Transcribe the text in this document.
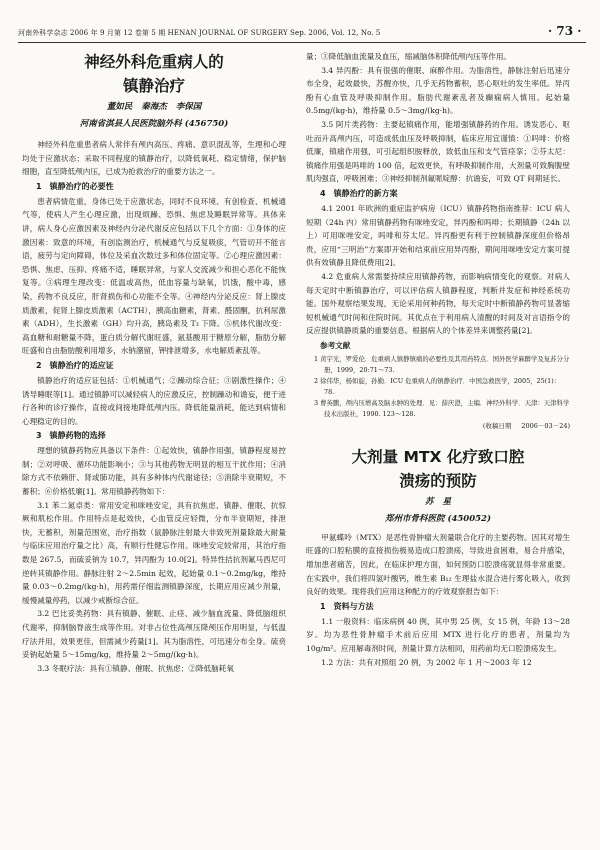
河南外科学杂志 2006 年 9 月第 12 卷第 5 期 HENAN JOURNAL OF SURGERY Sep. 2006, Vol. 12, No. 5	· 73 ·
神经外科危重病人的
镇静治疗
董如民 秦海杰 李保国
河南省淇县人民医院脑外科 (456750)

神经外科危重患者病人常伴有颅内高压、疼痛、意识混乱等，生理和心理均处于应激状态；采取不同程度的镇静治疗，以降低氧耗、稳定情绪，保护脑细胞，直至降低颅内压，已成为抢救治疗的重要方法之一。

1 镇静治疗的必要性

患者病情危重，身体已处于应激状态，同时不良环境、有创检查、机械通气等，使病人产生心理应激，出现烦躁、恐惧、焦虑及睡眠异常等。具体来讲，病人身心应激因素及神经内分泌代谢反应包括以下几个方面：①身体的应激因素：致意的环境，有创监测治疗，机械通气与反复吸痰，气管切开不能言语，疲劳与定向障碍，体位及采血次数过多和体位固定等。②心理应激因素：恐惧、焦虑、压抑、疼痛不适，睡眠异常，与家人交流减少和担心恶化不能恢复等。③病理生理改变：低温或高热，低血容量与缺氧，饥饿，酸中毒，感染，药物不良反应，肝肾损伤和心功能不全等。④神经内分泌反应：肾上腺皮质激素，促肾上腺皮质激素（ACTH），胰高血糖素，肾素、醛固酮，抗利尿激素（ADH），生长激素（GH）均升高，胰岛素及 T₃ 下降。⑤机体代谢改变：高血糖和耐糖量不降，蛋白质分解代谢旺盛，氨基酸用于糖原分解，脂肪分解旺盛和自由脂肪酸利用增多，水钠潴留，钾排泄增多，水电解质紊乱等。

2 镇静治疗的适应证

镇静治疗的适应证包括：①机械通气；②躁动综合征；③剧激性操作；④诱导睡眠等[1]。通过镇静可以减轻病人的应激反应，控制躁动和谵妄，便于进行各种的诊疗操作，直接或间接地降低颅内压、降低能量消耗，能达到病情和心理稳定的目的。

3 镇静药物的选择

理想的镇静药物应具备以下条件：①起效快，镇静作用强，镇静程度易控制；②对呼吸、循环功能影响小；③与其他药物无明显的相互干扰作用；④消除方式不依赖肝、肾或肺功能，具有多种体内代谢途径；⑤消除半衰期短，不蓄积；⑥价格低廉[1]。常用镇静药物如下：

3.1 苯二氮卓类：常用安定和咪唑安定，具有抗焦虑、镇静、催眠、抗惊厥和肌松作用。作用特点是起效快，心血管反应轻微，分布半衰期短，排泄快，无蓄积，剂量范围宽，治疗指数（鼠静脉注射最大非致死剂量除最大耐量与临床应用治疗量之比）高，有顺行性健忘作用。咪唑安定较常用，其治疗指数是 267.5，而硫妥钠为 10.7，异丙酚为 10.0[2]。特异性拮抗剂氟马西尼可逆转其镇静作用。静脉注射 2～2.5min 起效，起始量 0.1～0.2mg/kg，维持量 0.03～0.2mg/(kg·h)，用药需仔细监测镇静深度，长期应用应减少剂量，缓慢减量停药，以减少戒断综合征。

3.2 巴比妥类药物：具有镇静、催眠、止痉、减少脑血流量、降低脑组织代谢率，抑制脑脊液生成等作用。对非占位性高颅压降颅压作用明显，与低温疗法并用，效果更佳，但需减少药量[1]。其为脂溶性，可迅速分布全身。硫贲妥钠起始量 5～15mg/kg，维持量 2～5mg/(kg·h)。

3.3 冬眠疗法：具有①镇静、催眠、抗焦虑；②降低脑耗氧

量；③降低脑血流量及血压，缩减脑体积降低颅内压等作用。

3.4 异丙酚：具有很强的催眠、麻醉作用。为脂溶性，静脉注射后迅速分布全身，起效最快，苏醒亦快，几乎无药物蓄积，恶心呕吐的发生率低。异丙酚有心血管及呼吸抑制作用。脂肪代谢紊乱者及癫痫病人慎用。起始量 0.5mg/(kg·h)，维持量 0.5～3mg/(kg·h)。

3.5 阿片类药物：主要起镇痛作用，能增强镇静药的作用。诱发恶心、呕吐而升高颅内压，可造成低血压及呼吸抑制，临床应用宜谨慎：①吗啡：价格低廉，镇痛作用强，可引起组织胺释放，致低血压和支气管痉挛；②芬太尼：镇痛作用强是吗啡的 100 倍，起效更快，有呼吸抑制作用，大剂量可致胸腹壁肌肉强直，呼吸困难；③神经抑制剂氟哌啶醇：抗谵妄，可致 QT 间期延长。

4 镇静治疗的新方案

4.1 2001 年欧洲的重症监护病房（ICU）镇静药物指南推荐：ICU 病人短期（24h 内）常用镇静药物有咪唑安定，异丙酚和吗啡；长期镇静（24h 以上）可用咪唑安定，吗啡和芬太尼。异丙酚更有利于控制镇静深度但价格昂贵，应用“三明治”方案即开始和结束前应用异丙酚，期间用咪唑安定方案可提供有效镇静且降低费用[2]。

4.2 危重病人常需要持续应用镇静药物，而影响病情变化的观察。对病人每天定时中断镇静治疗，可以评估病人镇静程度，判断并发症和神经系统功能。国外观察结果发现，无论采用何种药物，每天定时中断镇静药物可显著缩短机械通气时间和住院时间。其优点在于利用病人清醒的时间及对言语指令的反应提供镇静质量的重要信息。根据病人的个体差异来调整药量[2]。

参考文献
1 黄宇光，罗爱伦．危重病人镇静镇痛的必要性及其用药特点．国外医学麻醉学及复苏分分册，1999，20:71～73.
2 徐伟华，杨如旋，孙勤．ICU 危重病人的镇静治疗．中国急救医学，2005，25(1)：78.
3 曹英鹏，颅内压增高及脑水肿的处理．见：薛庆澄，主编．神经外科学．天津：天津科学技术出版社，1990. 123～128.
(收稿日期 2006－03－24)
大剂量 MTX 化疗致口腔
溃疡的预防
苏 星
郑州市骨科医院 (450052)

甲氨蝶呤（MTX）是恶性骨肿瘤大剂量联合化疗的主要药物。因其对增生旺盛的口腔粘膜的直接损伤极易造成口腔溃疡，导致进食困难，易合并感染，增加患者痛苦，因此，在临床护理方面，如何预防口腔溃疡就显得非常重要。在实践中，我们将四氢叶酸钙，维生素 B₁₂ 生理盐水混合进行雾化吸入，收到良好的效果。现将我们应用这种配方的疗效观察报告如下：

1 资料与方法

1.1 一般资料：临床病例 40 例，其中男 25 例，女 15 例，年龄 13～28 岁。均为恶性骨肿瘤手术前后应用 MTX 进行化疗的患者，剂量均为 10g/m²。应用解毒剂时间，剂量计算方法相同，用药前均无口腔溃疡发生。

1.2 方法：共有对照组 20 例，为 2002 年 1 月～2003 年 12
